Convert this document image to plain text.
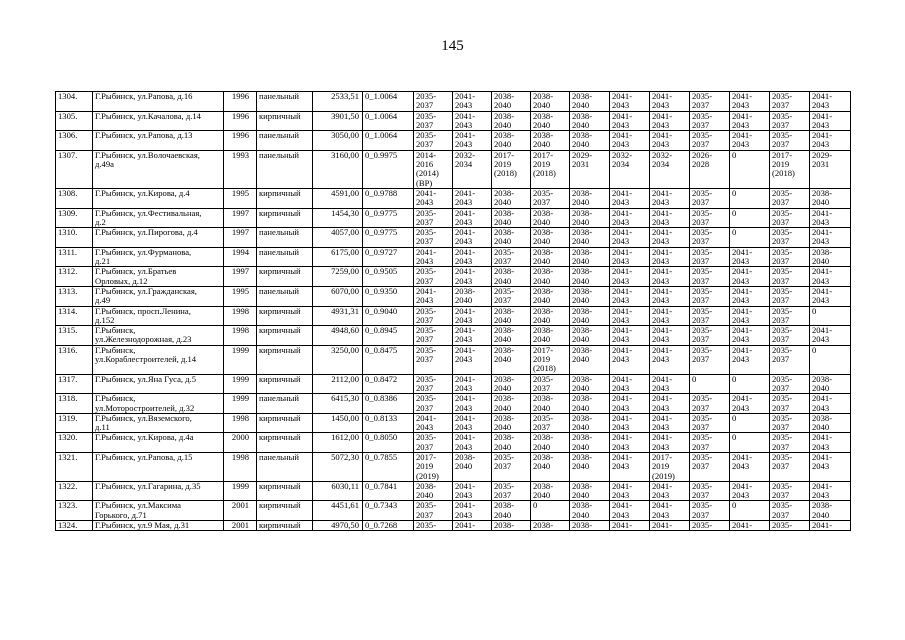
145
1304.	Г.Рыбинск, ул.Рапова, д.16	1996	панельный	2533,51	0_1.0064	2035-
2037	2041-
2043	2038-
2040	2038-
2040	2038-
2040	2041-
2043	2041-
2043	2035-
2037	2041-
2043	2035-
2037	2041-
2043
1305.	Г.Рыбинск, ул.Качалова, д.14	1996	кирпичный	3901,50	0_1.0064	2035-
2037	2041-
2043	2038-
2040	2038-
2040	2038-
2040	2041-
2043	2041-
2043	2035-
2037	2041-
2043	2035-
2037	2041-
2043
1306.	Г.Рыбинск, ул.Рапова, д.13	1996	панельный	3050,00	0_1.0064	2035-
2037	2041-
2043	2038-
2040	2038-
2040	2038-
2040	2041-
2043	2041-
2043	2035-
2037	2041-
2043	2035-
2037	2041-
2043
1307.	Г.Рыбинск, ул.Волочаевская,
д.49а	1993	панельный	3160,00	0_0.9975	2014-
2016
(2014)
(ВР)	2032-
2034	2017-
2019
(2018)	2017-
2019
(2018)	2029-
2031	2032-
2034	2032-
2034	2026-
2028	0	2017-
2019
(2018)	2029-
2031
1308.	Г.Рыбинск, ул.Кирова, д.4	1995	кирпичный	4591,00	0_0.9788	2041-
2043	2041-
2043	2038-
2040	2035-
2037	2038-
2040	2041-
2043	2041-
2043	2035-
2037	0	2035-
2037	2038-
2040
1309.	Г.Рыбинск, ул.Фестивальная,
д.2	1997	кирпичный	1454,30	0_0.9775	2035-
2037	2041-
2043	2038-
2040	2038-
2040	2038-
2040	2041-
2043	2041-
2043	2035-
2037	0	2035-
2037	2041-
2043
1310.	Г.Рыбинск, ул.Пирогова, д.4	1997	панельный	4057,00	0_0.9775	2035-
2037	2041-
2043	2038-
2040	2038-
2040	2038-
2040	2041-
2043	2041-
2043	2035-
2037	0	2035-
2037	2041-
2043
1311.	Г.Рыбинск, ул.Фурманова,
д.21	1994	панельный	6175,00	0_0.9727	2041-
2043	2041-
2043	2035-
2037	2038-
2040	2038-
2040	2041-
2043	2041-
2043	2035-
2037	2041-
2043	2035-
2037	2038-
2040
1312.	Г.Рыбинск, ул.Братьев
Орловых, д.12	1997	кирпичный	7259,00	0_0.9505	2035-
2037	2041-
2043	2038-
2040	2038-
2040	2038-
2040	2041-
2043	2041-
2043	2035-
2037	2041-
2043	2035-
2037	2041-
2043
1313.	Г.Рыбинск, ул.Гражданская,
д.49	1995	панельный	6070,00	0_0.9350	2041-
2043	2038-
2040	2035-
2037	2038-
2040	2038-
2040	2041-
2043	2041-
2043	2035-
2037	2041-
2043	2035-
2037	2041-
2043
1314.	Г.Рыбинск, просп.Ленина,
д.152	1998	кирпичный	4931,31	0_0.9040	2035-
2037	2041-
2043	2038-
2040	2038-
2040	2038-
2040	2041-
2043	2041-
2043	2035-
2037	2041-
2043	2035-
2037	0
1315.	Г.Рыбинск,
ул.Железнодорожная, д.23	1998	кирпичный	4948,60	0_0.8945	2035-
2037	2041-
2043	2038-
2040	2038-
2040	2038-
2040	2041-
2043	2041-
2043	2035-
2037	2041-
2043	2035-
2037	2041-
2043
1316.	Г.Рыбинск,
ул.Кораблестроителей, д.14	1999	кирпичный	3250,00	0_0.8475	2035-
2037	2041-
2043	2038-
2040	2017-
2019
(2018)	2038-
2040	2041-
2043	2041-
2043	2035-
2037	2041-
2043	2035-
2037	0
1317.	Г.Рыбинск, ул.Яна Гуса, д.5	1999	кирпичный	2112,00	0_0.8472	2035-
2037	2041-
2043	2038-
2040	2035-
2037	2038-
2040	2041-
2043	2041-
2043	0	0	2035-
2037	2038-
2040
1318.	Г.Рыбинск,
ул.Моторостроителей, д.32	1999	панельный	6415,30	0_0.8386	2035-
2037	2041-
2043	2038-
2040	2038-
2040	2038-
2040	2041-
2043	2041-
2043	2035-
2037	2041-
2043	2035-
2037	2041-
2043
1319.	Г.Рыбинск, ул.Вяземского,
д.11	1998	кирпичный	1450,00	0_0.8133	2041-
2043	2041-
2043	2038-
2040	2035-
2037	2038-
2040	2041-
2043	2041-
2043	2035-
2037	0	2035-
2037	2038-
2040
1320.	Г.Рыбинск, ул.Кирова, д.4а	2000	кирпичный	1612,00	0_0.8050	2035-
2037	2041-
2043	2038-
2040	2038-
2040	2038-
2040	2041-
2043	2041-
2043	2035-
2037	0	2035-
2037	2041-
2043
1321.	Г.Рыбинск, ул.Рапова, д.15	1998	панельный	5072,30	0_0.7855	2017-
2019
(2019)	2038-
2040	2035-
2037	2038-
2040	2038-
2040	2041-
2043	2017-
2019
(2019)	2035-
2037	2041-
2043	2035-
2037	2041-
2043
1322.	Г.Рыбинск, ул.Гагарина, д.35	1999	кирпичный	6030,11	0_0.7841	2038-
2040	2041-
2043	2035-
2037	2038-
2040	2038-
2040	2041-
2043	2041-
2043	2035-
2037	2041-
2043	2035-
2037	2041-
2043
1323.	Г.Рыбинск, ул.Максима
Горького, д.71	2001	кирпичный	4451,61	0_0.7343	2035-
2037	2041-
2043	2038-
2040	0	2038-
2040	2041-
2043	2041-
2043	2035-
2037	0	2035-
2037	2038-
2040
1324.	Г.Рыбинск, ул.9 Мая, д.31	2001	кирпичный	4970,50	0_0.7268	2035-	2041-	2038-	2038-	2038-	2041-	2041-	2035-	2041-	2035-	2041-
